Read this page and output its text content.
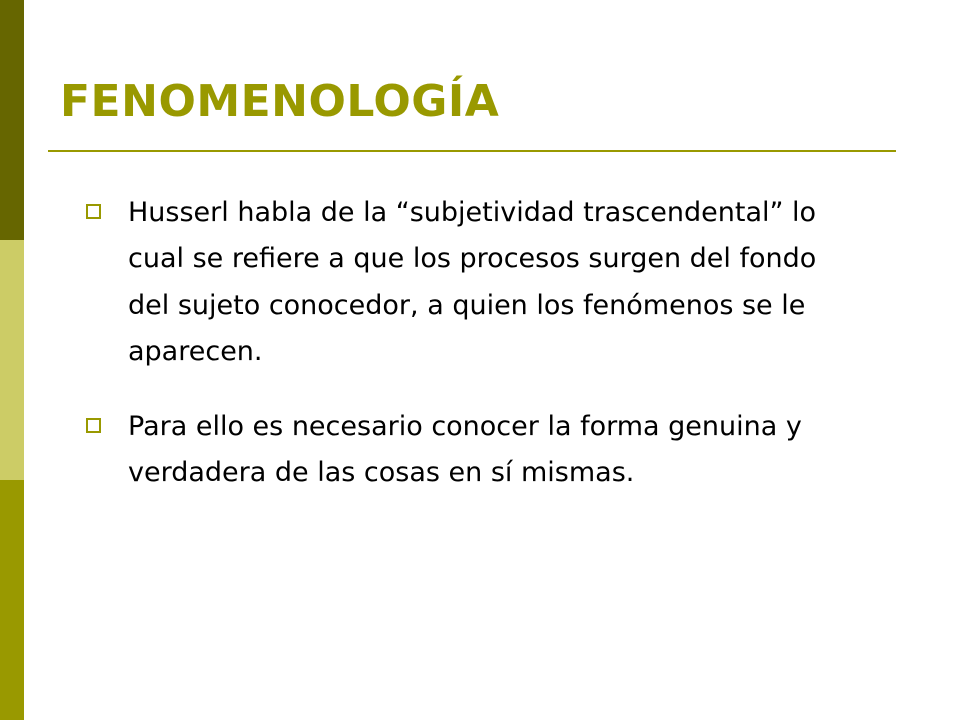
FENOMENOLOGÍA
Husserl habla de la “subjetividad trascendental” lo cual se refiere a que los procesos surgen del fondo del sujeto conocedor, a quien los fenómenos se le aparecen.
Para ello es necesario conocer la forma genuina y verdadera de las cosas en sí mismas.
